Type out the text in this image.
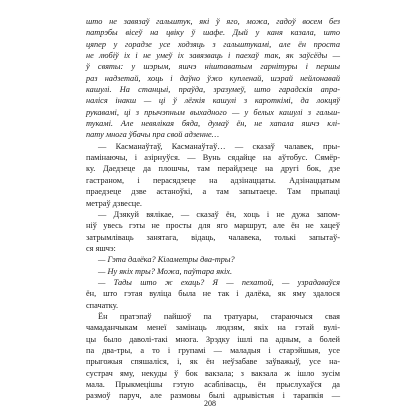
што не завязаў гальштук, які ў яго, можа, гадоў восем без
патрэбы вісеў на цвіку ў шафе. Дый у каня казала, што
цяпер у горадзе усе ходзяць з гальштукамі, але ён проста
не любіў іх і не умеў іх завязваць і паехаў так, як заўсёды —
ў святы: у шэрым, яшчэ ніштаватым гарнітуры і першы
раз надзетай, хоць і даўно ўжо купленай, шэрай нейлонавай
кашулі. На станцыі, праўда, зразумеў, што гарадскія апра-
наліся інакш — ці ў лёгкія кашулі з кароткімі, да локцяў
рукавамі, ці з прычэпным выхадного — у белых кашулі з гальш-
тукамі. Але невялікая бяда, думаў ён, не хапала яшчэ клі-
пату многа ўбачы пра свой адзенне…
— Касманаўтаў, Касманаўтаў… — сказаў чалавек, пры-
памінаючы, і азірнуўся. — Вунь сядайце на аўтобус. Сямёр-
ку. Даедзеце да плошчы, там перайдзеце на другі бок, дзе
гастраном, і перасядзеце на адзінаццаты. Адзінаццатым
праедзеце дзве астаноўкі, а там запытаеце. Там прыпаці
метраў дзвесце.
— Дзякуй вялікае, — сказаў ён, хоць і не дужа запом-
ніў увесь гэты не просты для яго маршрут, але ён не хацеў
затрымліваць занятага, відаць, чалавека, толькі запытаў-
ся яшчэ:
— Гэта далёка? Кіламетры два-тры?
— Ну якіх тры? Можа, паўтара якіх.
— Тады што ж ехаць? Я — пехатой, — узрадаваўся
ён, што гэтая вуліца была не так і далёка, як яму здалося
спачатку.
Ён пратэпаў пайшоў па тратуары, стараючыся свая
чамаданчыкам менеї замінаць людзям, якіх на гэтай вулі-
цы было даволі-такі многа. Зрэдку ішлі па адным, а болей
па два-тры, а то і групамі — маладыя і старэйшыя, усе
прыгожыя спяшаліся, і, як ён неўзабаве заўважыў, усе на-
сустрач яму, некуды ў бок вакзала; з вакзала ж ішло зусім
мала. Прыкмецішы гэтую асаблівасць, ён прыслухаўся да
размоў паруч, але размовы былі адрывістыя і тарапкія —
208
